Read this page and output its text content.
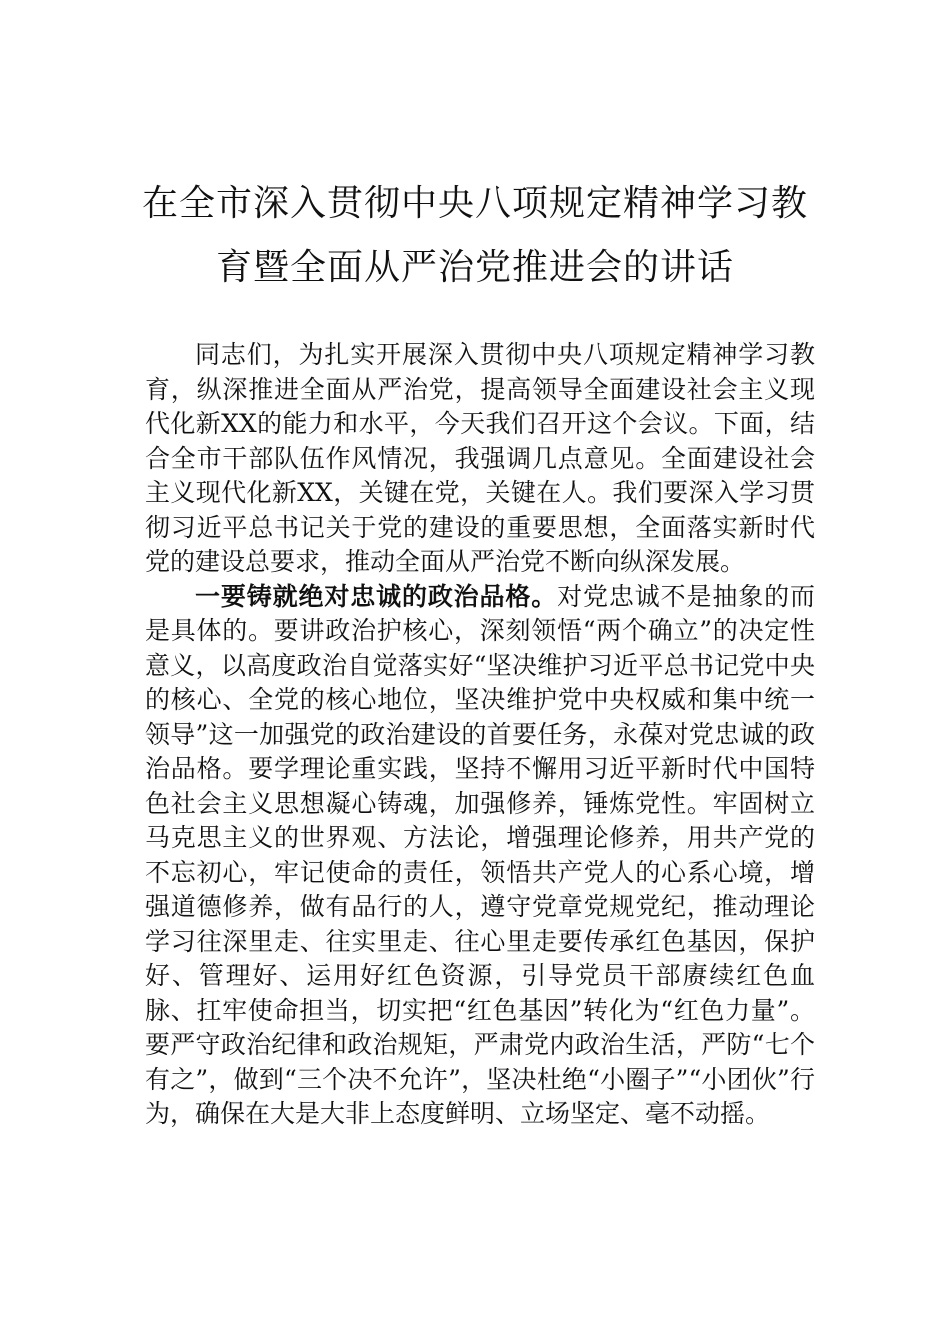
在全市深入贯彻中央八项规定精神学习教
育暨全面从严治党推进会的讲话

同志们，为扎实开展深入贯彻中央八项规定精神学习教育，纵深推进全面从严治党，提高领导全面建设社会主义现代化新XX的能力和水平，今天我们召开这个会议。下面，结合全市干部队伍作风情况，我强调几点意见。全面建设社会主义现代化新XX，关键在党，关键在人。我们要深入学习贯彻习近平总书记关于党的建设的重要思想，全面落实新时代党的建设总要求，推动全面从严治党不断向纵深发展。

一要铸就绝对忠诚的政治品格。对党忠诚不是抽象的而是具体的。要讲政治护核心，深刻领悟“两个确立”的决定性意义，以高度政治自觉落实好“坚决维护习近平总书记党中央的核心、全党的核心地位，坚决维护党中央权威和集中统一领导”这一加强党的政治建设的首要任务，永葆对党忠诚的政治品格。要学理论重实践，坚持不懈用习近平新时代中国特色社会主义思想凝心铸魂，加强修养，锤炼党性。牢固树立马克思主义的世界观、方法论，增强理论修养，用共产党的不忘初心，牢记使命的责任，领悟共产党人的心系心境，增强道德修养，做有品行的人，遵守党章党规党纪，推动理论学习往深里走、往实里走、往心里走要传承红色基因，保护好、管理好、运用好红色资源，引导党员干部赓续红色血脉、扛牢使命担当，切实把“红色基因”转化为“红色力量”。要严守政治纪律和政治规矩，严肃党内政治生活，严防“七个有之”，做到“三个决不允许”，坚决杜绝“小圈子”“小团伙”行为，确保在大是大非上态度鲜明、立场坚定、毫不动摇。
